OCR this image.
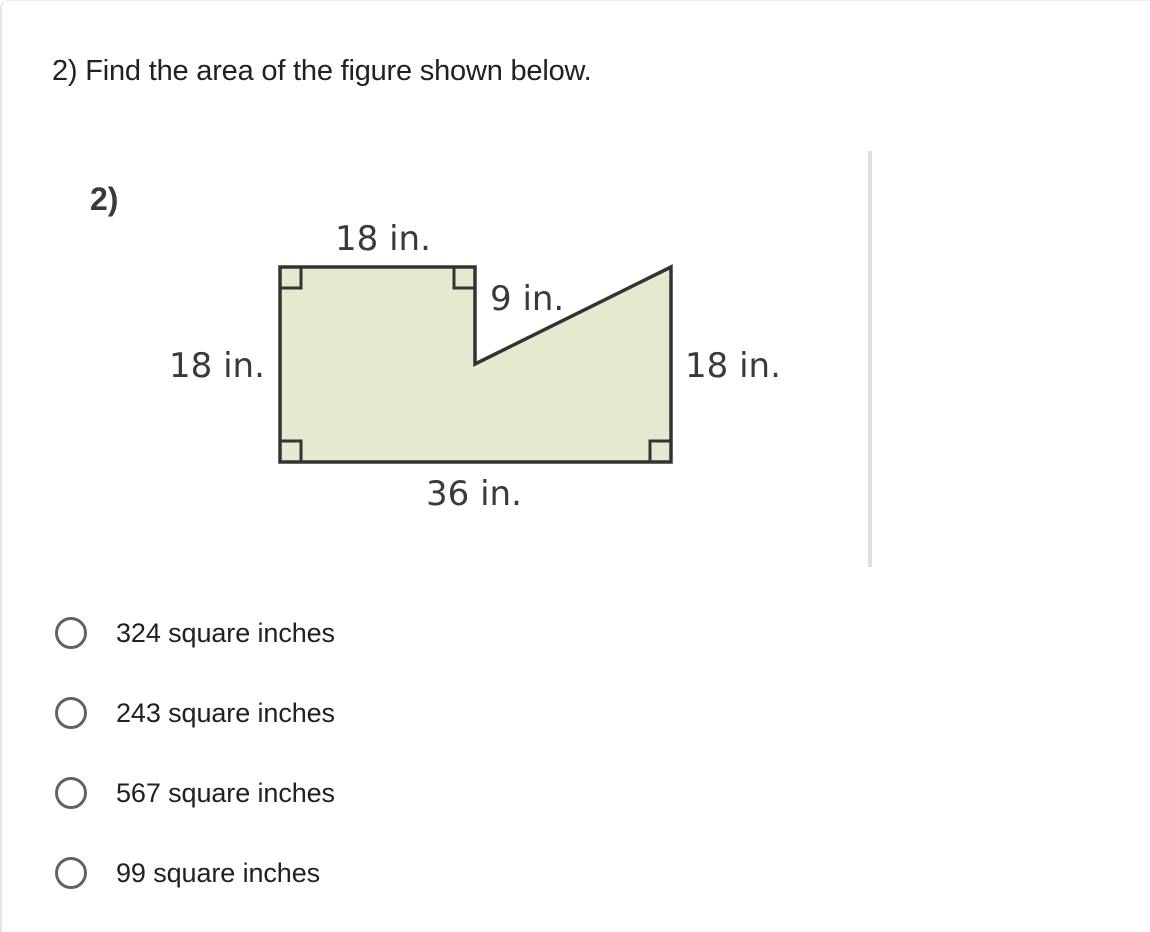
2) Find the area of the figure shown below.
2)
18 in.
18 in.
9 in.
18 in.
36 in.
324 square inches
243 square inches
567 square inches
99 square inches
